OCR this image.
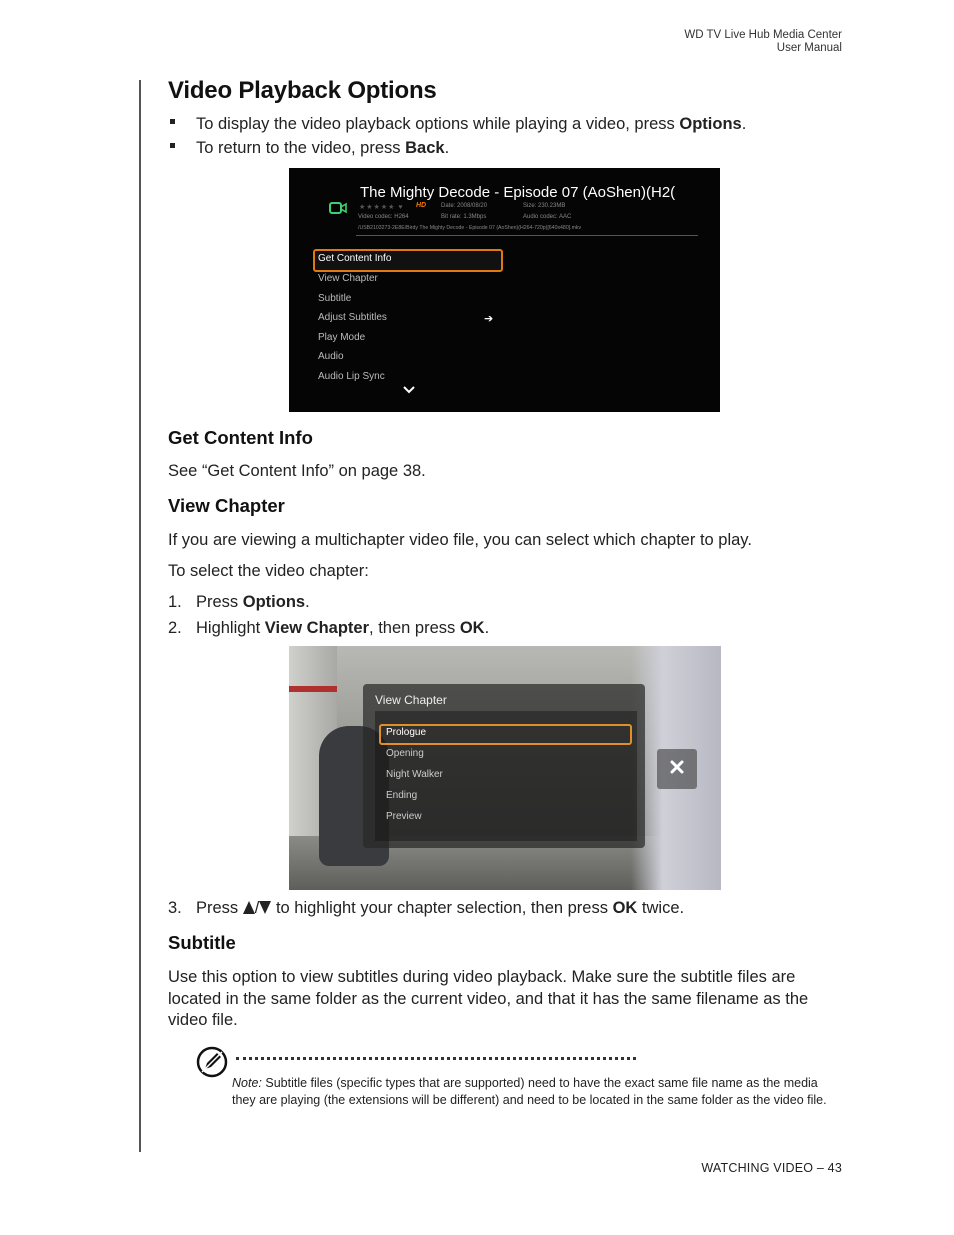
WD TV Live Hub Media Center
User Manual
Video Playback Options
To display the video playback options while playing a video, press Options.
To return to the video, press Back.
Get Content Info

See “Get Content Info” on page 38.

View Chapter

If you are viewing a multichapter video file, you can select which chapter to play.

To select the video chapter:

1. Press Options.
2. Highlight View Chapter, then press OK.
3. Press / to highlight your chapter selection, then press OK twice.
Subtitle

Use this option to view subtitles during video playback. Make sure the subtitle files are located in the same folder as the current video, and that it has the same filename as the video file.

The Mighty Decode - Episode 07 (AoShen)(H2(
★★★★★ ♥ HD	Size: 230.23MB
Date: 2008/08/20
Video codec: H264	Bit rate: 1.3Mbps	Audio codec: AAC
/USB2103273-2E8E/Birdy The Mighty Decode - Episode 07 (AoShen)(H264-720p)[640x480].mkv
Get Content Info
View Chapter
Subtitle
Adjust Subtitles	➔
Play Mode
Audio
Audio Lip Sync
View Chapter
Prologue
Opening
Night Walker
Ending
Preview
Note: Subtitle files (specific types that are supported) need to have the exact same file name as the media they are playing (the extensions will be different) and need to be located in the same folder as the video file.
WATCHING VIDEO – 43
